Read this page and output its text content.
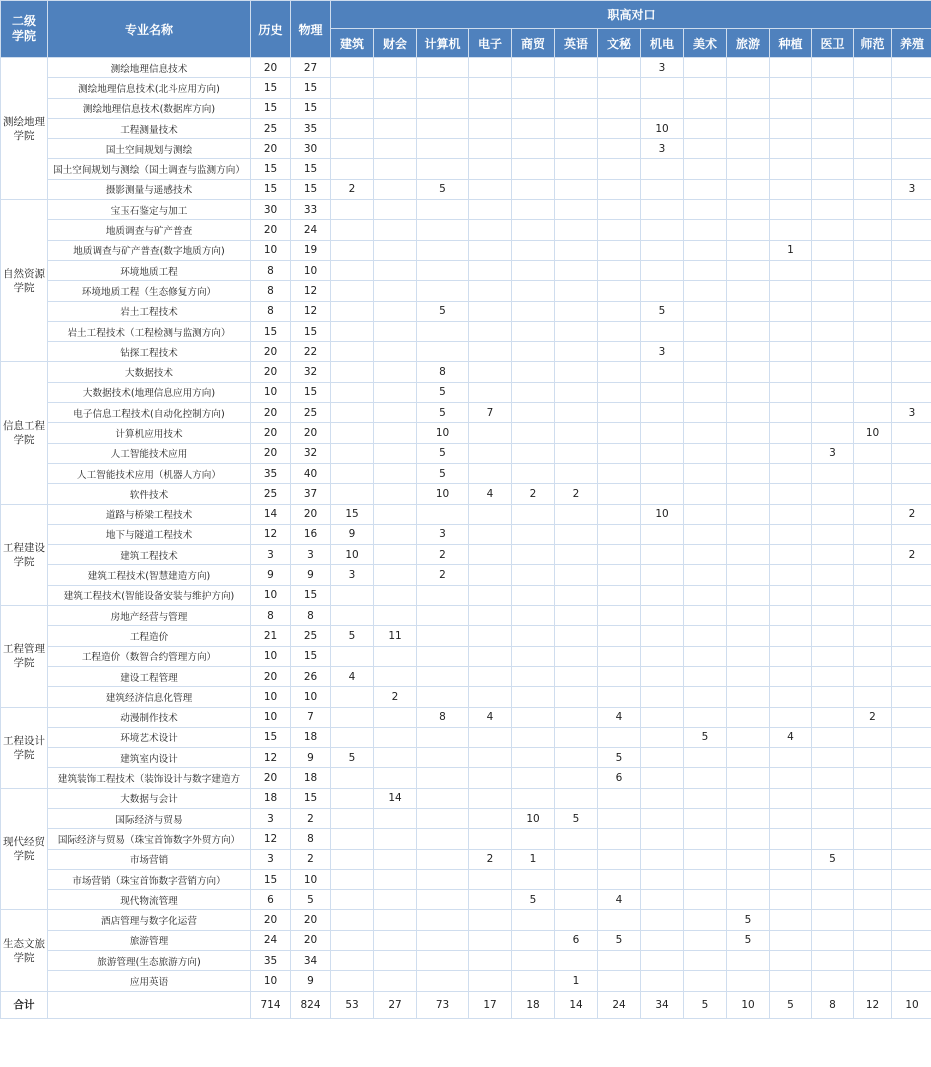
二级
学院	专业名称	历史	物理	职高对口													
				建筑	财会	计算机	电子	商贸	英语	文秘	机电	美术	旅游	种植	医卫	师范	养殖
测绘地理
学院	测绘地理信息技术	20	27								3						
	测绘地理信息技术(北斗应用方向)	15	15														
	测绘地理信息技术(数据库方向)	15	15														
	工程测量技术	25	35								10						
	国土空间规划与测绘	20	30								3						
	国土空间规划与测绘（国土调查与监测方向）	15	15														
	摄影测量与遥感技术	15	15	2		5											3
自然资源
学院	宝玉石鉴定与加工	30	33														
	地质调查与矿产普查	20	24														
	地质调查与矿产普查(数字地质方向)	10	19											1			
	环境地质工程	8	10														
	环境地质工程（生态修复方向）	8	12														
	岩土工程技术	8	12			5					5						
	岩土工程技术（工程检测与监测方向）	15	15														
	钻探工程技术	20	22								3						
信息工程
学院	大数据技术	20	32			8											
	大数据技术(地理信息应用方向)	10	15			5											
	电子信息工程技术(自动化控制方向)	20	25			5	7										3
	计算机应用技术	20	20			10										10	
	人工智能技术应用	20	32			5									3		
	人工智能技术应用（机器人方向）	35	40			5											
	软件技术	25	37			10	4	2	2								
工程建设
学院	道路与桥梁工程技术	14	20	15							10						2
	地下与隧道工程技术	12	16	9		3											
	建筑工程技术	3	3	10		2											2
	建筑工程技术(智慧建造方向)	9	9	3		2											
	建筑工程技术(智能设备安装与维护方向)	10	15														
工程管理
学院	房地产经营与管理	8	8														
	工程造价	21	25	5	11												
	工程造价（数智合约管理方向）	10	15														
	建设工程管理	20	26	4													
	建筑经济信息化管理	10	10		2												
工程设计
学院	动漫制作技术	10	7			8	4			4						2	
	环境艺术设计	15	18									5		4			
	建筑室内设计	12	9	5						5							
	建筑装饰工程技术（装饰设计与数字建造方	20	18							6							
现代经贸
学院	大数据与会计	18	15		14												
	国际经济与贸易	3	2					10	5								
	国际经济与贸易（珠宝首饰数字外贸方向）	12	8														
	市场营销	3	2				2	1							5		
	市场营销（珠宝首饰数字营销方向）	15	10														
	现代物流管理	6	5					5		4							
生态文旅
学院	酒店管理与数字化运营	20	20										5				
	旅游管理	24	20						6	5			5				
	旅游管理(生态旅游方向)	35	34														
	应用英语	10	9						1								
合计		714	824	53	27	73	17	18	14	24	34	5	10	5	8	12	10
